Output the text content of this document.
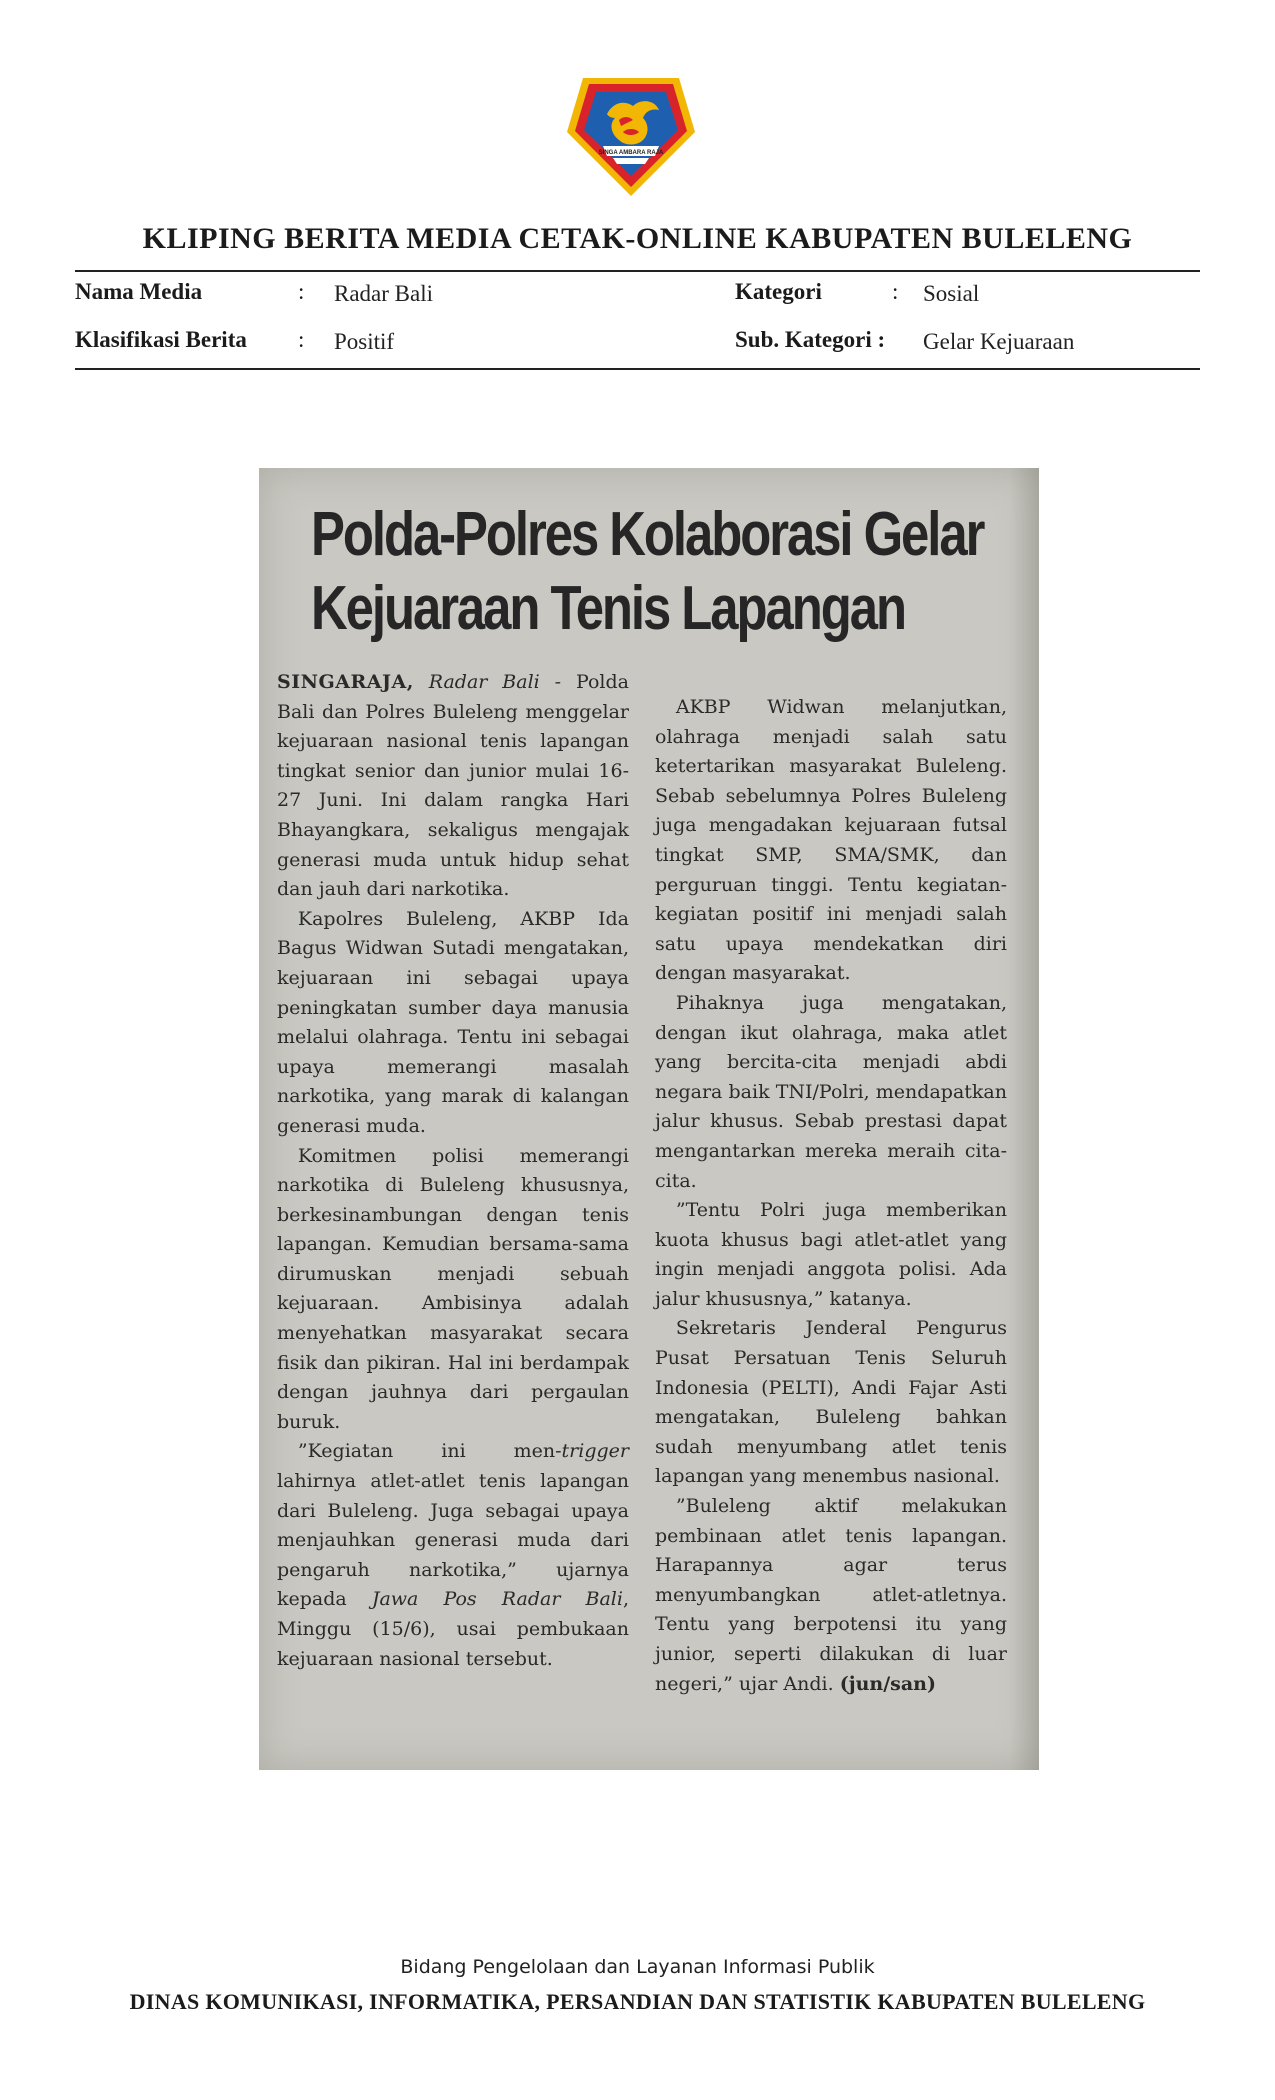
SINGA AMBARA RAJA
KLIPING BERITA MEDIA CETAK-ONLINE KABUPATEN BULELENG
Nama Media	: Radar Bali	Kategori	: Sosial
Klasifikasi Berita : Positif	Sub. Kategori : Gelar Kejuaraan
Polda-Polres Kolaborasi Gelar
Kejuaraan Tenis Lapangan

SINGARAJA, Radar Bali - Polda Bali dan Polres Buleleng menggelar kejuaraan nasional tenis lapangan tingkat senior dan junior mulai 16-27 Juni. Ini dalam rangka Hari Bhayangkara, sekaligus mengajak generasi muda untuk hidup sehat dan jauh dari narkotika.

Kapolres Buleleng, AKBP Ida Bagus Widwan Sutadi mengatakan, kejuaraan ini sebagai upaya peningkatan sumber daya manusia melalui olahraga. Tentu ini sebagai upaya memerangi masalah narkotika, yang marak di kalangan generasi muda.

Komitmen polisi memerangi narkotika di Buleleng khususnya, berkesinambungan dengan tenis lapangan. Kemudian bersama-sama dirumuskan menjadi sebuah kejuaraan. Ambisinya adalah menyehatkan masyarakat secara fisik dan pikiran. Hal ini berdampak dengan jauhnya dari pergaulan buruk.

”Kegiatan ini men-trigger lahirnya atlet-atlet tenis lapangan dari Buleleng. Juga sebagai upaya menjauhkan generasi muda dari pengaruh narkotika,” ujarnya kepada Jawa Pos Radar Bali, Minggu (15/6), usai pembukaan kejuaraan nasional tersebut.

AKBP Widwan melanjutkan, olahraga menjadi salah satu ketertarikan masyarakat Buleleng. Sebab sebelumnya Polres Buleleng juga mengadakan kejuaraan futsal tingkat SMP, SMA/SMK, dan perguruan tinggi. Tentu kegiatan-kegiatan positif ini menjadi salah satu upaya mendekatkan diri dengan masyarakat.

Pihaknya juga mengatakan, dengan ikut olahraga, maka atlet yang bercita-cita menjadi abdi negara baik TNI/Polri, mendapatkan jalur khusus. Sebab prestasi dapat mengantarkan mereka meraih cita-cita.

”Tentu Polri juga memberikan kuota khusus bagi atlet-atlet yang ingin menjadi anggota polisi. Ada jalur khususnya,” katanya.

Sekretaris Jenderal Pengurus Pusat Persatuan Tenis Seluruh Indonesia (PELTI), Andi Fajar Asti mengatakan, Buleleng bahkan sudah menyumbang atlet tenis lapangan yang menembus nasional.

”Buleleng aktif melakukan pembinaan atlet tenis lapangan. Harapannya agar terus menyumbangkan atlet-atletnya. Tentu yang berpotensi itu yang junior, seperti dilakukan di luar negeri,” ujar Andi. (jun/san)

Bidang Pengelolaan dan Layanan Informasi Publik
DINAS KOMUNIKASI, INFORMATIKA, PERSANDIAN DAN STATISTIK KABUPATEN BULELENG
